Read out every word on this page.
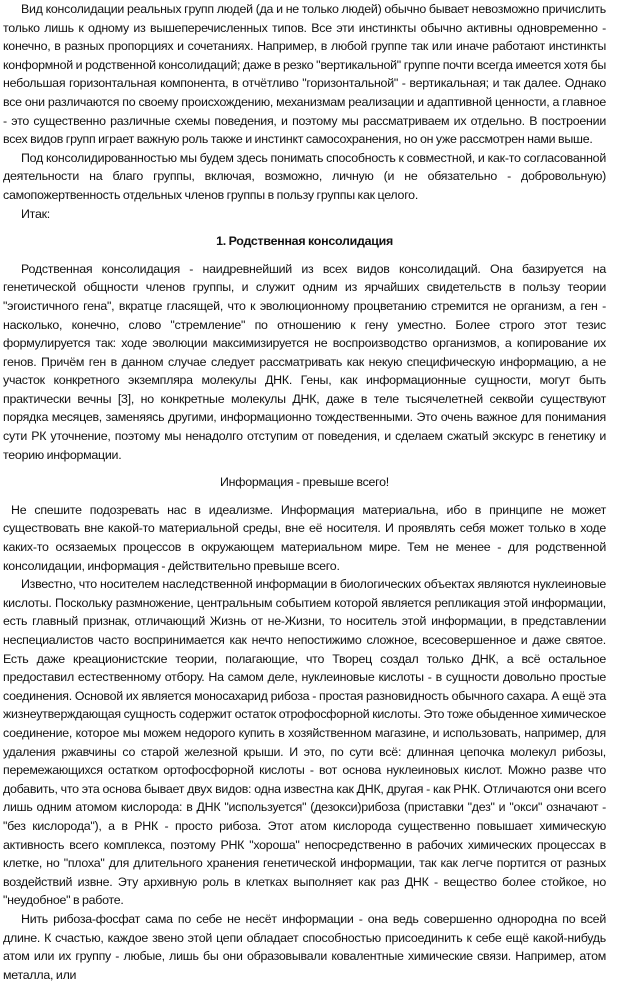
Вид консолидации реальных групп людей (да и не только людей) обычно бывает невозможно причислить только лишь к одному из вышеперечисленных типов. Все эти инстинкты обычно активны одновременно - конечно, в разных пропорциях и сочетаниях. Например, в любой группе так или иначе работают инстинкты конформной и родственной консолидаций; даже в резко "вертикальной" группе почти всегда имеется хотя бы небольшая горизонтальная компонента, в отчётливо "горизонтальной" - вертикальная; и так далее. Однако все они различаются по своему происхождению, механизмам реализации и адаптивной ценности, а главное - это существенно различные схемы поведения, и поэтому мы рассматриваем их отдельно. В построении всех видов групп играет важную роль также и инстинкт самосохранения, но он уже рассмотрен нами выше.

Под консолидированностью мы будем здесь понимать способность к совместной, и как-то согласованной деятельности на благо группы, включая, возможно, личную (и не обязательно - добровольную) самопожертвенность отдельных членов группы в пользу группы как целого.

Итак:

1. Родственная консолидация

Родственная консолидация - наидревнейший из всех видов консолидаций. Она базируется на генетической общности членов группы, и служит одним из ярчайших свидетельств в пользу теории "эгоистичного гена", вкратце гласящей, что к эволюционному процветанию стремится не организм, а ген - насколько, конечно, слово "стремление" по отношению к гену уместно. Более строго этот тезис формулируется так: ходе эволюции максимизируется не воспроизводство организмов, а копирование их генов. Причём ген в данном случае следует рассматривать как некую специфическую информацию, а не участок конкретного экземпляра молекулы ДНК. Гены, как информационные сущности, могут быть практически вечны [3], но конкретные молекулы ДНК, даже в теле тысячелетней секвойи существуют порядка месяцев, заменяясь другими, информационно тождественными. Это очень важное для понимания сути РК уточнение, поэтому мы ненадолго отступим от поведения, и сделаем сжатый экскурс в генетику и теорию информации.

Информация - превыше всего!

Не спешите подозревать нас в идеализме. Информация материальна, ибо в принципе не может существовать вне какой-то материальной среды, вне её носителя. И проявлять себя может только в ходе каких-то осязаемых процессов в окружающем материальном мире. Тем не менее - для родственной консолидации, информация - действительно превыше всего.

Известно, что носителем наследственной информации в биологических объектах являются нуклеиновые кислоты. Поскольку размножение, центральным событием которой является репликация этой информации, есть главный признак, отличающий Жизнь от не-Жизни, то носитель этой информации, в представлении неспециалистов часто воспринимается как нечто непостижимо сложное, всесовершенное и даже святое. Есть даже креационистские теории, полагающие, что Творец создал только ДНК, а всё остальное предоставил естественному отбору. На самом деле, нуклеиновые кислоты - в сущности довольно простые соединения. Основой их является моносахарид рибоза - простая разновидность обычного сахара. А ещё эта жизнеутверждающая сущность содержит остаток отрофосфорной кислоты. Это тоже обыденное химическое соединение, которое мы можем недорого купить в хозяйственном магазине, и использовать, например, для удаления ржавчины со старой железной крыши. И это, по сути всё: длинная цепочка молекул рибозы, перемежающихся остатком ортофосфорной кислоты - вот основа нуклеиновых кислот. Можно разве что добавить, что эта основа бывает двух видов: одна известна как ДНК, другая - как РНК. Отличаются они всего лишь одним атомом кислорода: в ДНК "используется" (дезокси)рибоза (приставки "дез" и "окси" означают - "без кислорода"), а в РНК - просто рибоза. Этот атом кислорода существенно повышает химическую активность всего комплекса, поэтому РНК "хороша" непосредственно в рабочих химических процессах в клетке, но "плоха" для длительного хранения генетической информации, так как легче портится от разных воздействий извне. Эту архивную роль в клетках выполняет как раз ДНК - вещество более стойкое, но "неудобное" в работе.

Нить рибоза-фосфат сама по себе не несёт информации - она ведь совершенно однородна по всей длине. К счастью, каждое звено этой цепи обладает способностью присоединить к себе ещё какой-нибудь атом или их группу - любые, лишь бы они образовывали ковалентные химические связи. Например, атом металла, или
